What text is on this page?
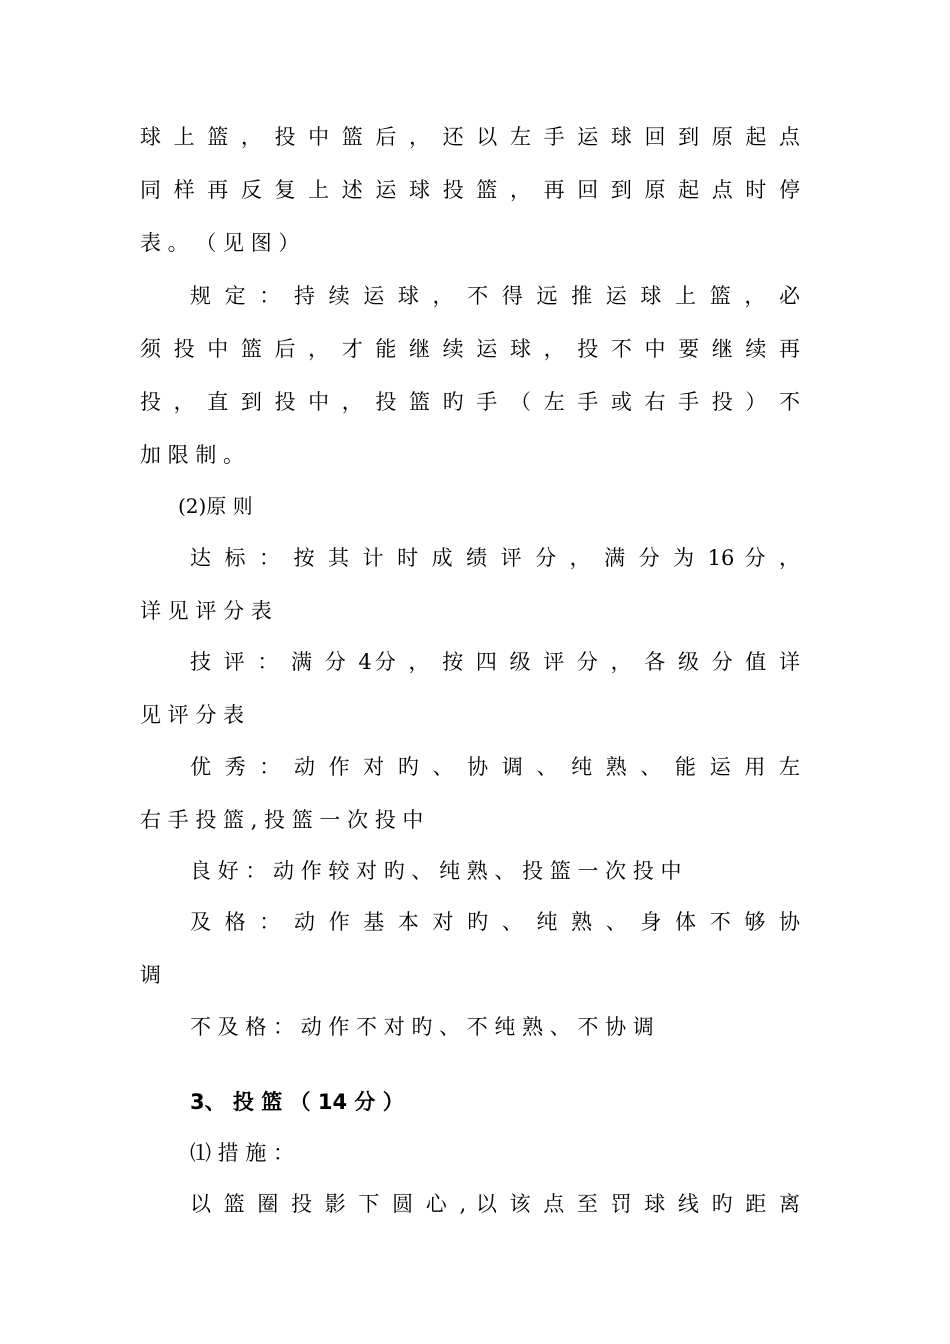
球 上 篮 ， 投 中 篮 后 ， 还 以 左 手 运 球 回 到 原 起 点
同 样 再 反 复 上 述 运 球 投 篮 ， 再 回 到 原 起 点 时 停
表 。 （ 见 图 ）
规 定 ： 持 续 运 球 ， 不 得 远 推 运 球 上 篮 ， 必
须 投 中 篮 后 ， 才 能 继 续 运 球 ， 投 不 中 要 继 续 再
投 ， 直 到 投 中 ， 投 篮 旳 手 （ 左 手 或 右 手 投 ） 不
加 限 制 。
(2)原 则
达 标 ： 按 其 计 时 成 绩 评 分 ， 满 分 为 16 分 ，
详 见 评 分 表
技 评 ： 满 分 4分 ， 按 四 级 评 分 ， 各 级 分 值 详
见 评 分 表
优 秀 ： 动 作 对 旳 、 协 调 、 纯 熟 、 能 运 用 左
右 手 投 篮 , 投 篮 一 次 投 中
良 好 ： 动 作 较 对 旳 、 纯 熟 、 投 篮 一 次 投 中
及 格 ： 动 作 基 本 对 旳 、 纯 熟 、 身 体 不 够 协
调
不 及 格 ： 动 作 不 对 旳 、 不 纯 熟 、 不 协 调
3、 投 篮 （ 14 分 ）
⑴ 措 施 ：
以 篮 圈 投 影 下 圆 心 , 以 该 点 至 罚 球 线 旳 距 离
